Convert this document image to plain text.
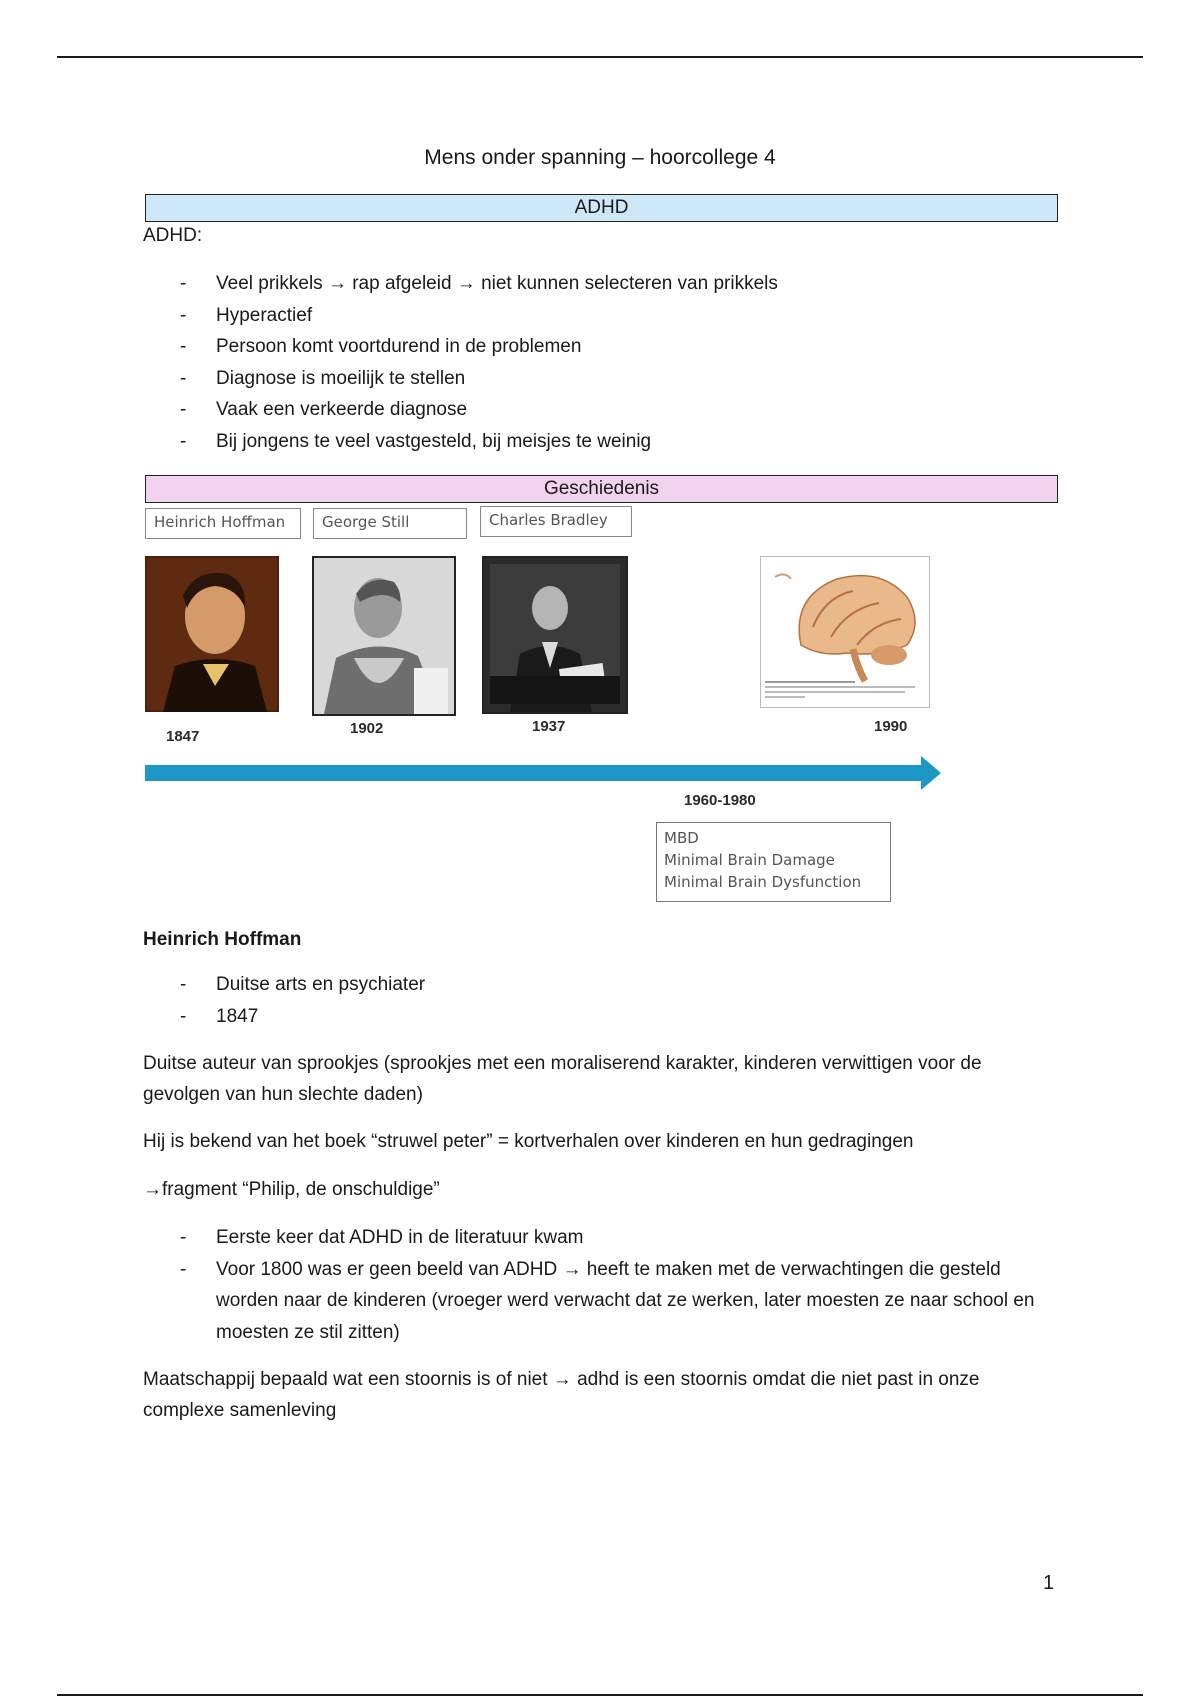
Mens onder spanning – hoorcollege 4
ADHD
ADHD:
- Veel prikkels → rap afgeleid → niet kunnen selecteren van prikkels
- Hyperactief
- Persoon komt voortdurend in de problemen
- Diagnose is moeilijk te stellen
- Vaak een verkeerde diagnose
- Bij jongens te veel vastgesteld, bij meisjes te weinig
Geschiedenis
Heinrich Hoffman	George Still	Charles Bradley
1847	1902	1937	1990
1960-1980
MBD
Minimal Brain Damage
Minimal Brain Dysfunction
Heinrich Hoffman
- Duitse arts en psychiater
- 1847
Duitse auteur van sprookjes (sprookjes met een moraliserend karakter, kinderen verwittigen voor de gevolgen van hun slechte daden)
Hij is bekend van het boek “struwel peter” = kortverhalen over kinderen en hun gedragingen
→fragment “Philip, de onschuldige”
- Eerste keer dat ADHD in de literatuur kwam
- Voor 1800 was er geen beeld van ADHD → heeft te maken met de verwachtingen die gesteld worden naar de kinderen (vroeger werd verwacht dat ze werken, later moesten ze naar school en moesten ze stil zitten)
Maatschappij bepaald wat een stoornis is of niet → adhd is een stoornis omdat die niet past in onze complexe samenleving
1
